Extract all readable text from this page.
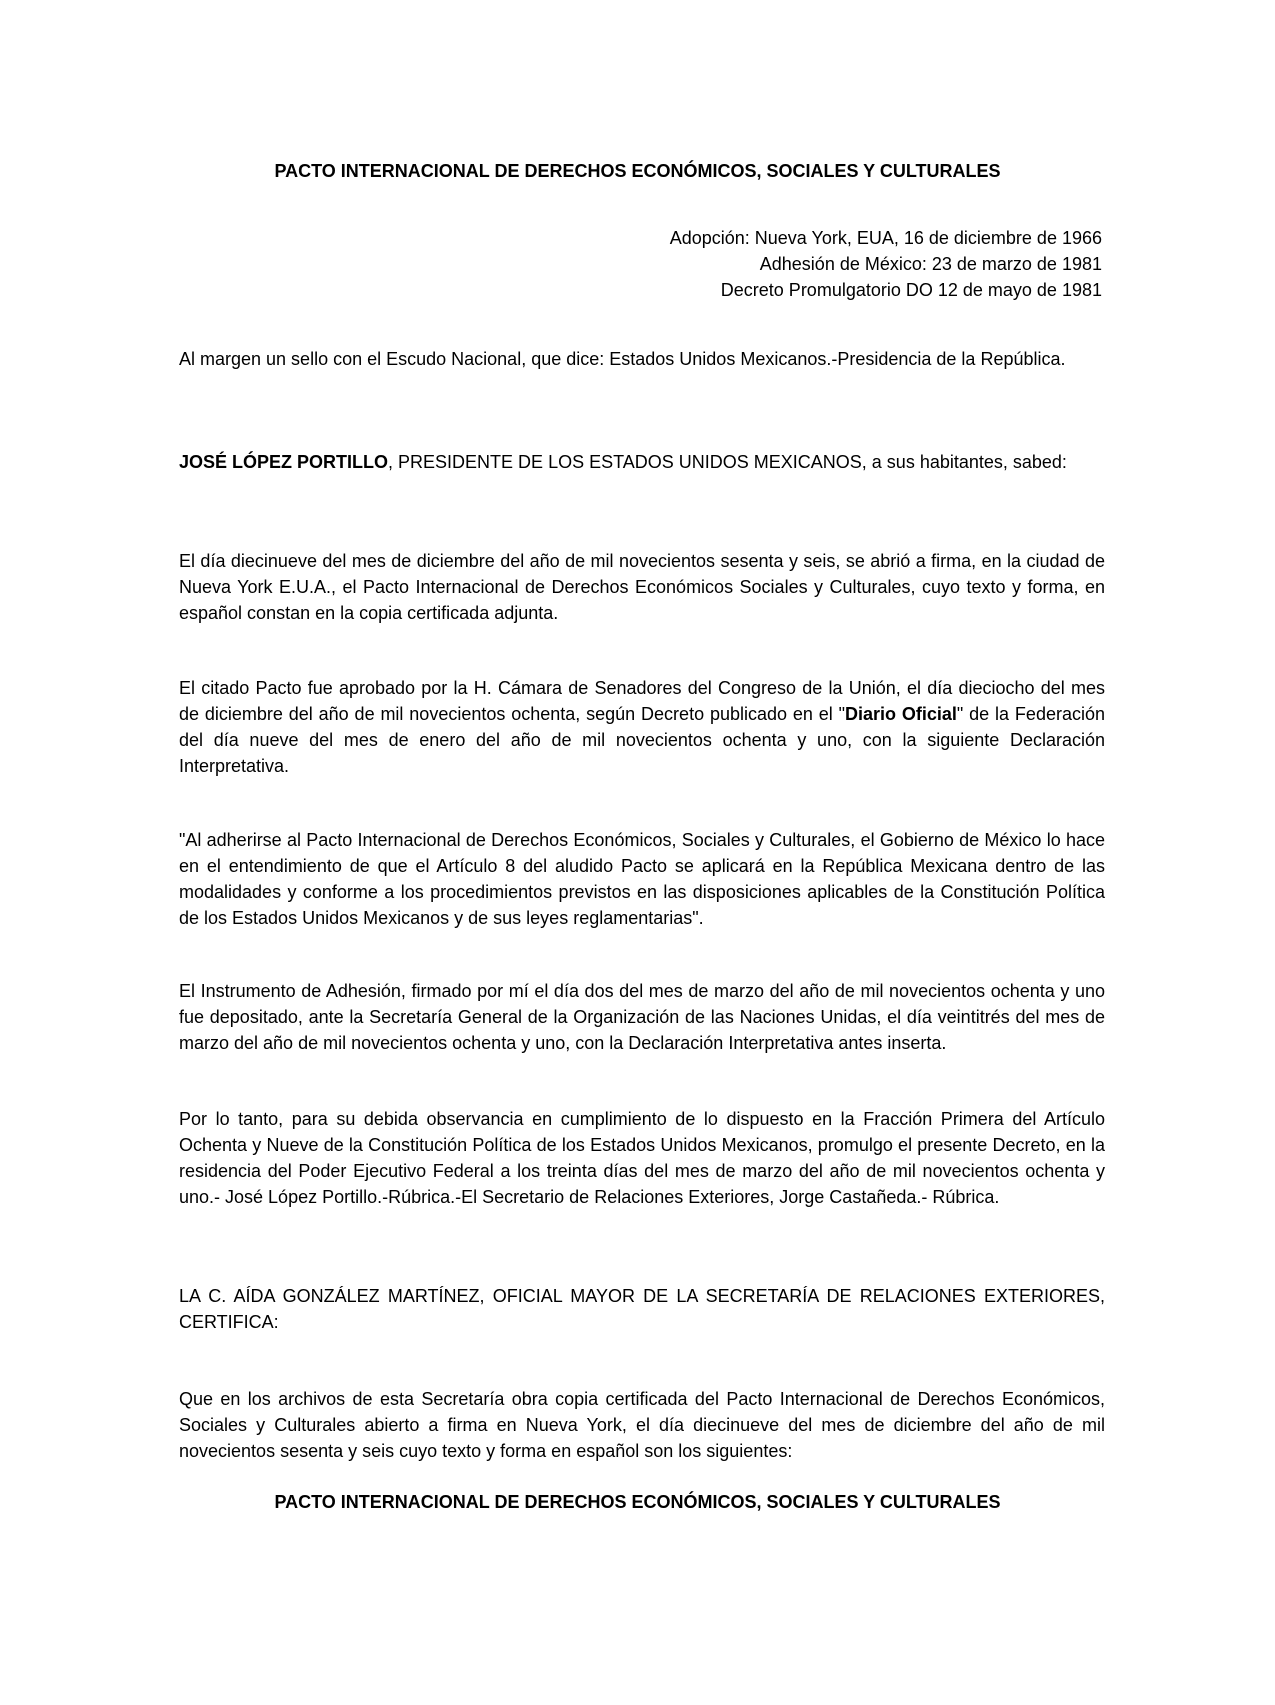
PACTO INTERNACIONAL DE DERECHOS ECONÓMICOS, SOCIALES Y CULTURALES
Adopción: Nueva York, EUA, 16 de diciembre de 1966
Adhesión de México: 23 de marzo de 1981
Decreto Promulgatorio DO 12 de mayo de 1981

Al margen un sello con el Escudo Nacional, que dice: Estados Unidos Mexicanos.-Presidencia de la República.

JOSÉ LÓPEZ PORTILLO, PRESIDENTE DE LOS ESTADOS UNIDOS MEXICANOS, a sus habitantes, sabed:

El día diecinueve del mes de diciembre del año de mil novecientos sesenta y seis, se abrió a firma, en la ciudad de Nueva York E.U.A., el Pacto Internacional de Derechos Económicos Sociales y Culturales, cuyo texto y forma, en español constan en la copia certificada adjunta.

El citado Pacto fue aprobado por la H. Cámara de Senadores del Congreso de la Unión, el día dieciocho del mes de diciembre del año de mil novecientos ochenta, según Decreto publicado en el "Diario Oficial" de la Federación del día nueve del mes de enero del año de mil novecientos ochenta y uno, con la siguiente Declaración Interpretativa.

"Al adherirse al Pacto Internacional de Derechos Económicos, Sociales y Culturales, el Gobierno de México lo hace en el entendimiento de que el Artículo 8 del aludido Pacto se aplicará en la República Mexicana dentro de las modalidades y conforme a los procedimientos previstos en las disposiciones aplicables de la Constitución Política de los Estados Unidos Mexicanos y de sus leyes reglamentarias".

El Instrumento de Adhesión, firmado por mí el día dos del mes de marzo del año de mil novecientos ochenta y uno fue depositado, ante la Secretaría General de la Organización de las Naciones Unidas, el día veintitrés del mes de marzo del año de mil novecientos ochenta y uno, con la Declaración Interpretativa antes inserta.

Por lo tanto, para su debida observancia en cumplimiento de lo dispuesto en la Fracción Primera del Artículo Ochenta y Nueve de la Constitución Política de los Estados Unidos Mexicanos, promulgo el presente Decreto, en la residencia del Poder Ejecutivo Federal a los treinta días del mes de marzo del año de mil novecientos ochenta y uno.- José López Portillo.-Rúbrica.-El Secretario de Relaciones Exteriores, Jorge Castañeda.- Rúbrica.

LA C. AÍDA GONZÁLEZ MARTÍNEZ, OFICIAL MAYOR DE LA SECRETARÍA DE RELACIONES EXTERIORES, CERTIFICA:

Que en los archivos de esta Secretaría obra copia certificada del Pacto Internacional de Derechos Económicos, Sociales y Culturales abierto a firma en Nueva York, el día diecinueve del mes de diciembre del año de mil novecientos sesenta y seis cuyo texto y forma en español son los siguientes:

PACTO INTERNACIONAL DE DERECHOS ECONÓMICOS, SOCIALES Y CULTURALES
